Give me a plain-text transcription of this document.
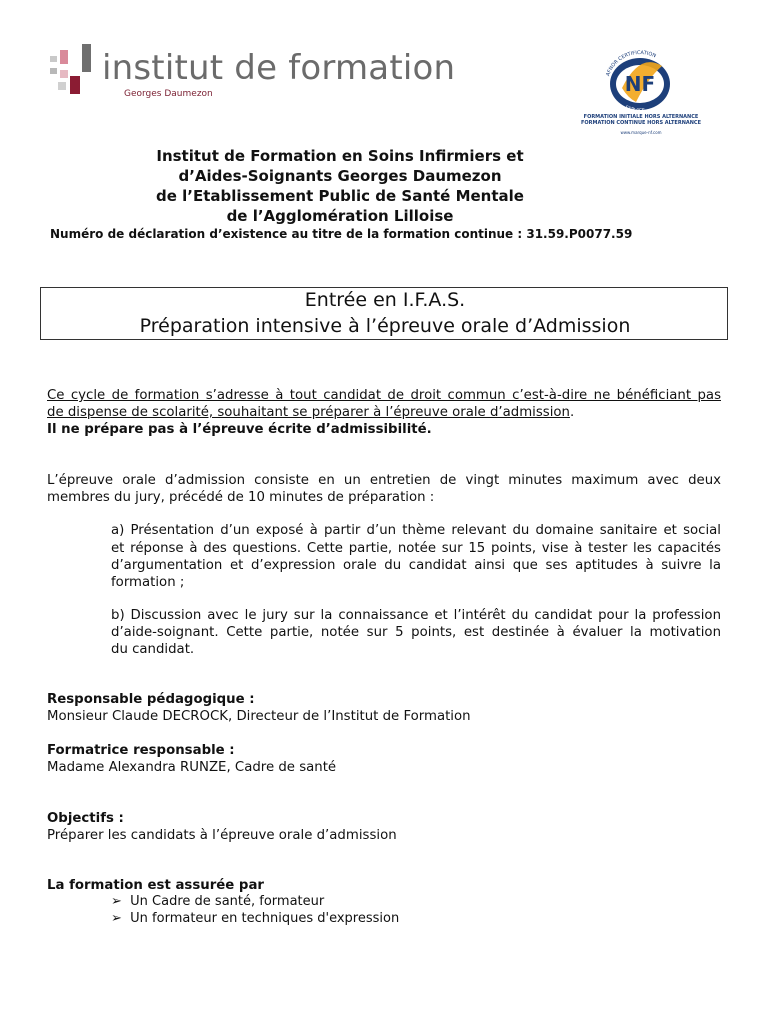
institut de formation
Georges Daumezon	NF
AFNOR CERTIFICATION
SERVICE
FORMATION INITIALE HORS ALTERNANCE
FORMATION CONTINUE HORS ALTERNANCE
www.marque-nf.com
Institut de Formation en Soins Infirmiers et
d’Aides-Soignants Georges Daumezon
de l’Etablissement Public de Santé Mentale
de l’Agglomération Lilloise
Numéro de déclaration d’existence au titre de la formation continue : 31.59.P0077.59
Entrée en I.F.A.S.
Préparation intensive à l’épreuve orale d’Admission
Ce cycle de formation s’adresse à tout candidat de droit commun c’est-à-dire ne bénéficiant pas
de dispense de scolarité, souhaitant se préparer à l’épreuve orale d’admission.
Il ne prépare pas à l’épreuve écrite d’admissibilité.
L’épreuve orale d’admission consiste en un entretien de vingt minutes maximum avec deux
membres du jury, précédé de 10 minutes de préparation :
a) Présentation d’un exposé à partir d’un thème relevant du domaine sanitaire et social
et réponse à des questions. Cette partie, notée sur 15 points, vise à tester les capacités
d’argumentation et d’expression orale du candidat ainsi que ses aptitudes à suivre la
formation ;
b) Discussion avec le jury sur la connaissance et l’intérêt du candidat pour la profession
d’aide-soignant. Cette partie, notée sur 5 points, est destinée à évaluer la motivation
du candidat.
Responsable pédagogique :
Monsieur Claude DECROCK, Directeur de l’Institut de Formation
Formatrice responsable :
Madame Alexandra RUNZE, Cadre de santé
Objectifs :
Préparer les candidats à l’épreuve orale d’admission
La formation est assurée par
➢ Un Cadre de santé, formateur
➢ Un formateur en techniques d'expression
